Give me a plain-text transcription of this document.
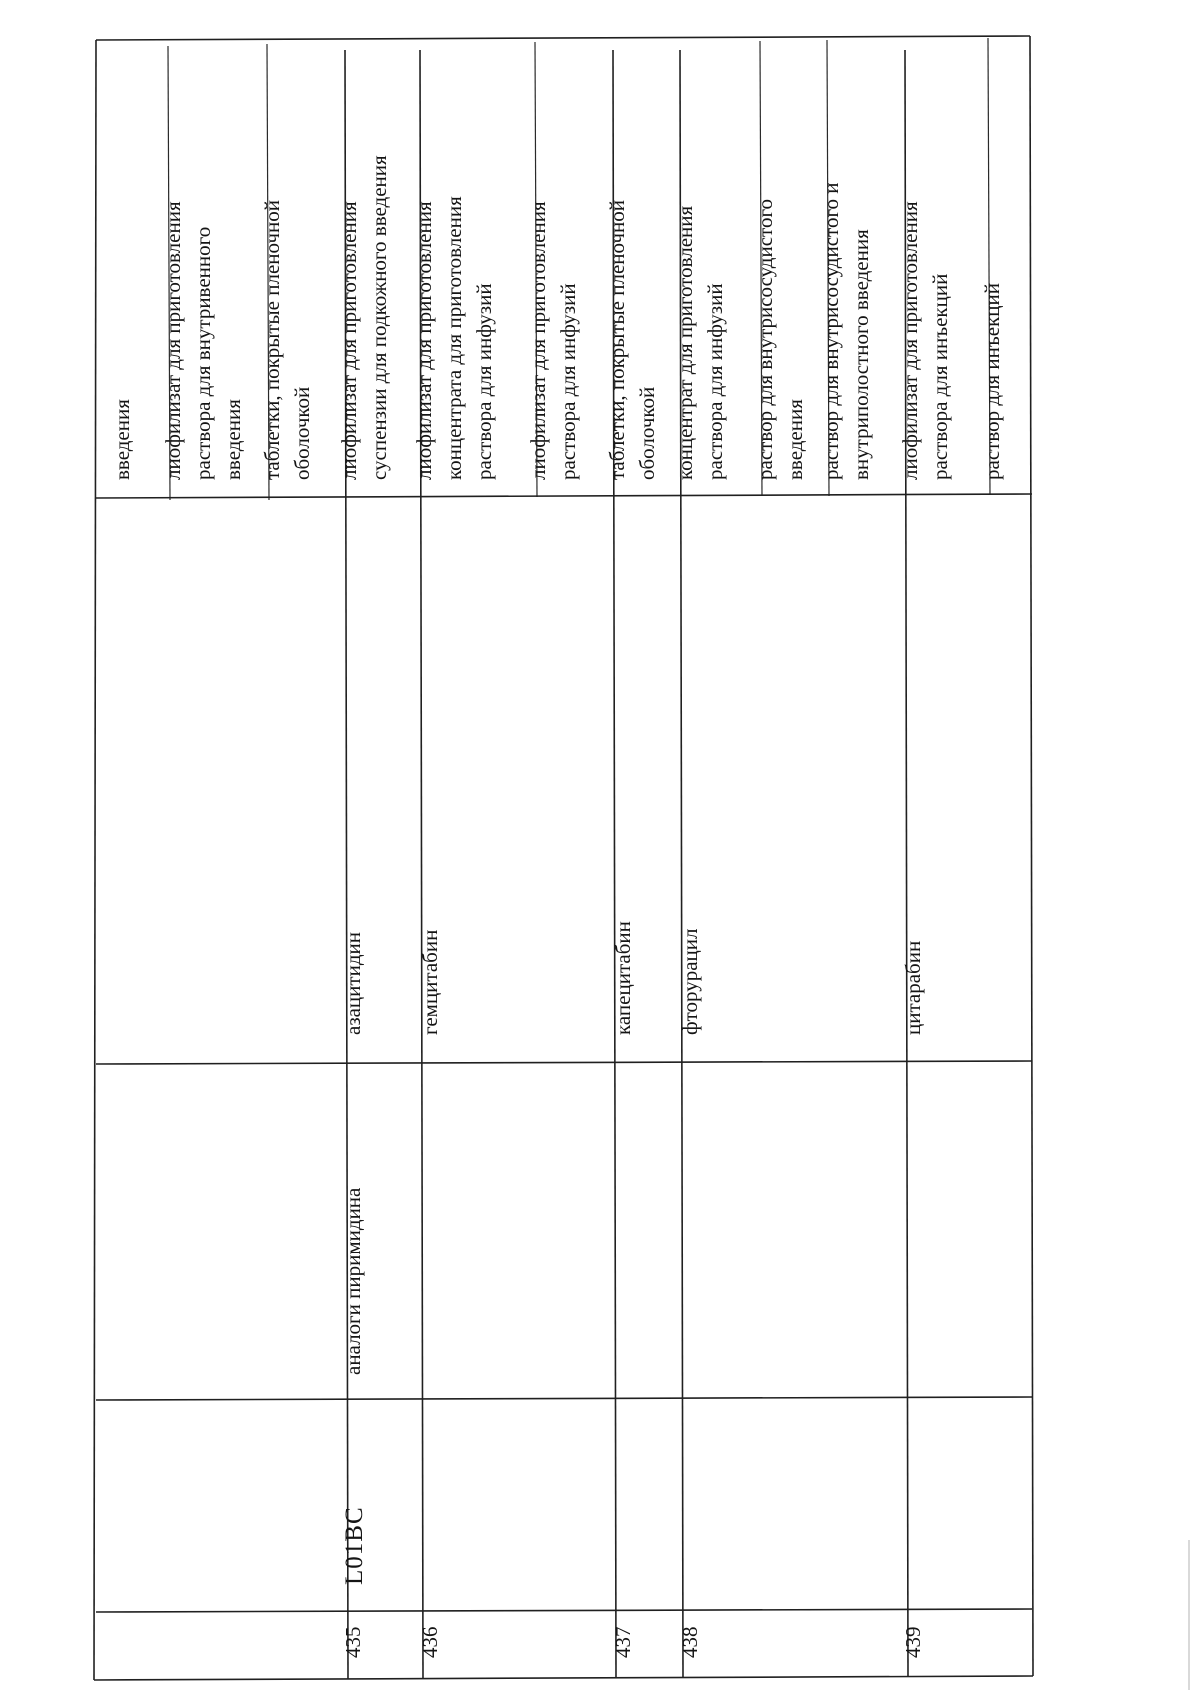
введения лиофилизат для приготовления раствора для внутривенного введения таблетки, покрытые пленочной оболочкой лиофилизат для приготовления суспензии для подкожного введения лиофилизат для приготовления концентрата для приготовления раствора для инфузий лиофилизат для приготовления раствора для инфузий таблетки, покрытые пленочной оболочкой концентрат для приготовления раствора для инфузий раствор для внутрисосудистого введения раствор для внутрисосудистого и внутриполостного введения лиофилизат для приготовления раствора для инъекций раствор для инъекций
435
L01BC
аналоги пиримидина
азацитидин
436
гемцитабин
437
капецитабин
438
фторурацил
439
цитарабин
